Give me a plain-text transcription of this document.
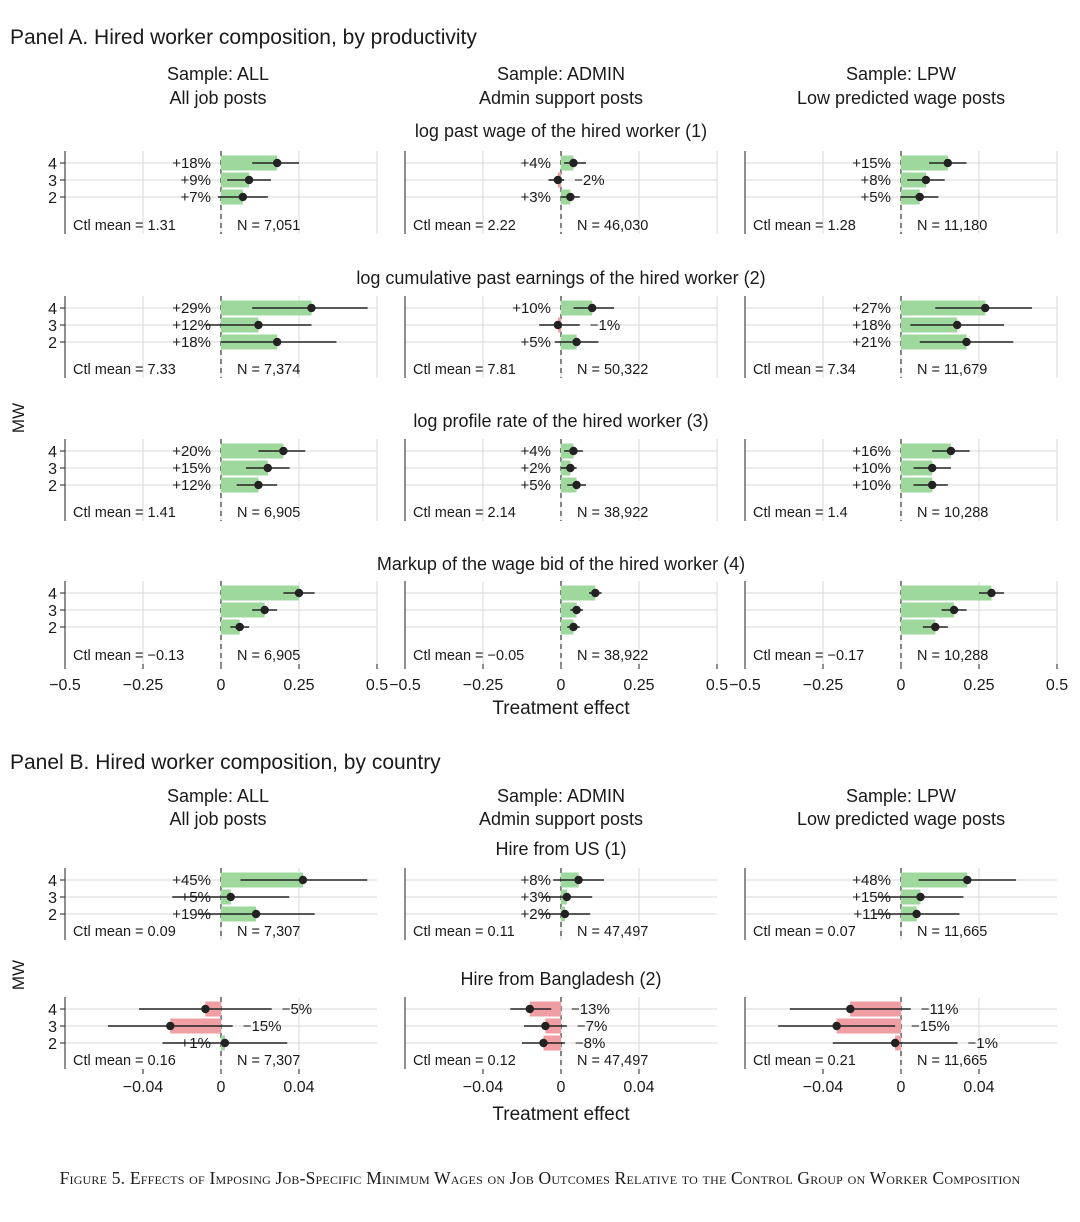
Panel A. Hired worker composition, by productivity
Sample: ALL
All job posts
Sample: ADMIN
Admin support posts
Sample: LPW
Low predicted wage posts
MW
log past wage of the hired worker (1)
4
3
2
+18%
+9%
+7%
Ctl mean = 1.31	N = 7,051
+4%
−2%
+3%
Ctl mean = 2.22	N = 46,030
+15%
+8%
+5%
Ctl mean = 1.28	N = 11,180
log cumulative past earnings of the hired worker (2)
4
3
2
+29%
+12%
+18%
Ctl mean = 7.33	N = 7,374
+10%
−1%
+5%
Ctl mean = 7.81	N = 50,322
+27%
+18%
+21%
Ctl mean = 7.34	N = 11,679
log profile rate of the hired worker (3)
4
3
2
+20%
+15%
+12%
Ctl mean = 1.41	N = 6,905
+4%
+2%
+5%
Ctl mean = 2.14	N = 38,922
+16%
+10%
+10%
Ctl mean = 1.4	N = 10,288
Markup of the wage bid of the hired worker (4)
4
3
2
Ctl mean = −0.13	N = 6,905	Ctl mean = −0.05	N = 38,922	Ctl mean = −0.17	N = 10,288
−0.5	−0.25	0	0.25	0.5 −0.5	−0.25	0	0.25	0.5 −0.5	−0.25	0	0.25	0.5
Treatment effect
Panel B. Hired worker composition, by country
Sample: ALL
All job posts
Sample: ADMIN
Admin support posts
Sample: LPW
Low predicted wage posts
MW
Hire from US (1)
4
3
2
+45%
+5%
+19%
Ctl mean = 0.09	N = 7,307
+8%
+3%
+2%
Ctl mean = 0.11	N = 47,497
+48%
+15%
+11%
Ctl mean = 0.07	N = 11,665
Hire from Bangladesh (2)
4
3
2
−5%
−15%
+1%
Ctl mean = 0.16	N = 7,307
−13%
−7%
−8%
Ctl mean = 0.12	N = 47,497
−11%
−15%
−1%
Ctl mean = 0.21	N = 11,665
−0.04	0	0.04	−0.04	0	0.04	−0.04	0	0.04
Treatment effect
Figure 5. Effects of Imposing Job-Specific Minimum Wages on Job Outcomes Relative to the Control Group on Worker Composition
